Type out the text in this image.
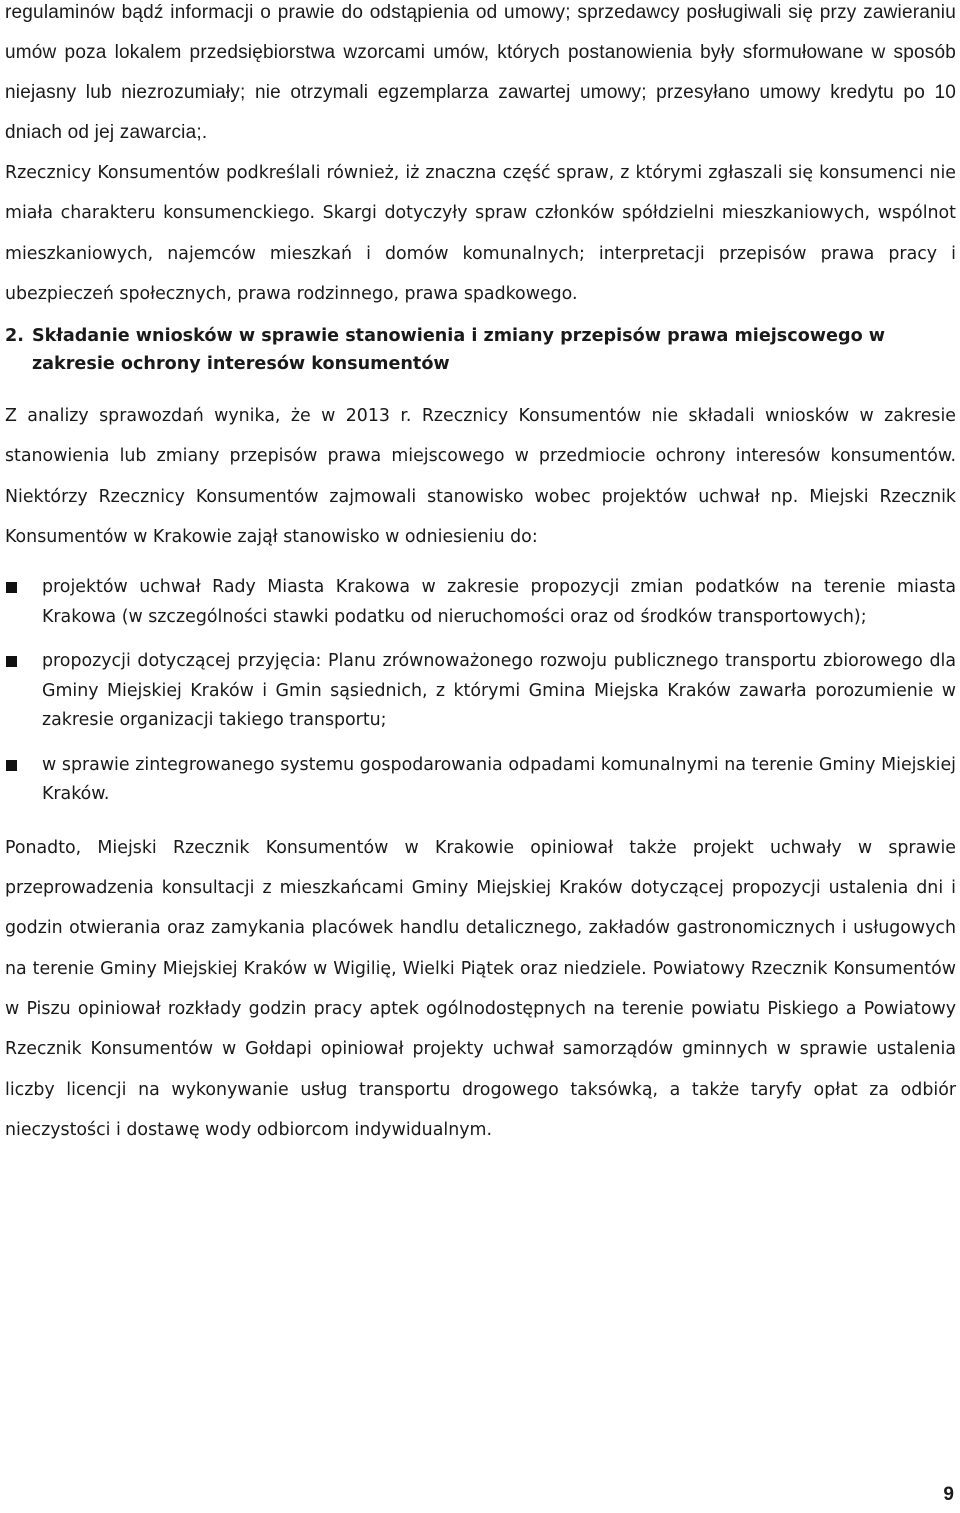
regulaminów bądź informacji o prawie do odstąpienia od umowy; sprzedawcy posługiwali się przy zawieraniu umów poza lokalem przedsiębiorstwa wzorcami umów, których postanowienia były sformułowane w sposób niejasny lub niezrozumiały; nie otrzymali egzemplarza zawartej umowy; przesyłano umowy kredytu po 10 dniach od jej zawarcia;.

Rzecznicy Konsumentów podkreślali również, iż znaczna część spraw, z którymi zgłaszali się konsumenci nie miała charakteru konsumenckiego. Skargi dotyczyły spraw członków spółdzielni mieszkaniowych, wspólnot mieszkaniowych, najemców mieszkań i domów komunalnych; interpretacji przepisów prawa pracy i ubezpieczeń społecznych, prawa rodzinnego, prawa spadkowego.

2. Składanie wniosków w sprawie stanowienia i zmiany przepisów prawa miejscowego w zakresie ochrony interesów konsumentów

Z analizy sprawozdań wynika, że w 2013 r. Rzecznicy Konsumentów nie składali wniosków w zakresie stanowienia lub zmiany przepisów prawa miejscowego w przedmiocie ochrony interesów konsumentów. Niektórzy Rzecznicy Konsumentów zajmowali stanowisko wobec projektów uchwał np. Miejski Rzecznik Konsumentów w Krakowie zajął stanowisko w odniesieniu do:

projektów uchwał Rady Miasta Krakowa w zakresie propozycji zmian podatków na terenie miasta Krakowa (w szczególności stawki podatku od nieruchomości oraz od środków transportowych);
propozycji dotyczącej przyjęcia: Planu zrównoważonego rozwoju publicznego transportu zbiorowego dla Gminy Miejskiej Kraków i Gmin sąsiednich, z którymi Gmina Miejska Kraków zawarła porozumienie w zakresie organizacji takiego transportu;
w sprawie zintegrowanego systemu gospodarowania odpadami komunalnymi na terenie Gminy Miejskiej Kraków.

Ponadto, Miejski Rzecznik Konsumentów w Krakowie opiniował także projekt uchwały w sprawie przeprowadzenia konsultacji z mieszkańcami Gminy Miejskiej Kraków dotyczącej propozycji ustalenia dni i godzin otwierania oraz zamykania placówek handlu detalicznego, zakładów gastronomicznych i usługowych na terenie Gminy Miejskiej Kraków w Wigilię, Wielki Piątek oraz niedziele. Powiatowy Rzecznik Konsumentów w Piszu opiniował rozkłady godzin pracy aptek ogólnodostępnych na terenie powiatu Piskiego a Powiatowy Rzecznik Konsumentów w Gołdapi opiniował projekty uchwał samorządów gminnych w sprawie ustalenia liczby licencji na wykonywanie usług transportu drogowego taksówką, a także taryfy opłat za odbiór nieczystości i dostawę wody odbiorcom indywidualnym.

9
